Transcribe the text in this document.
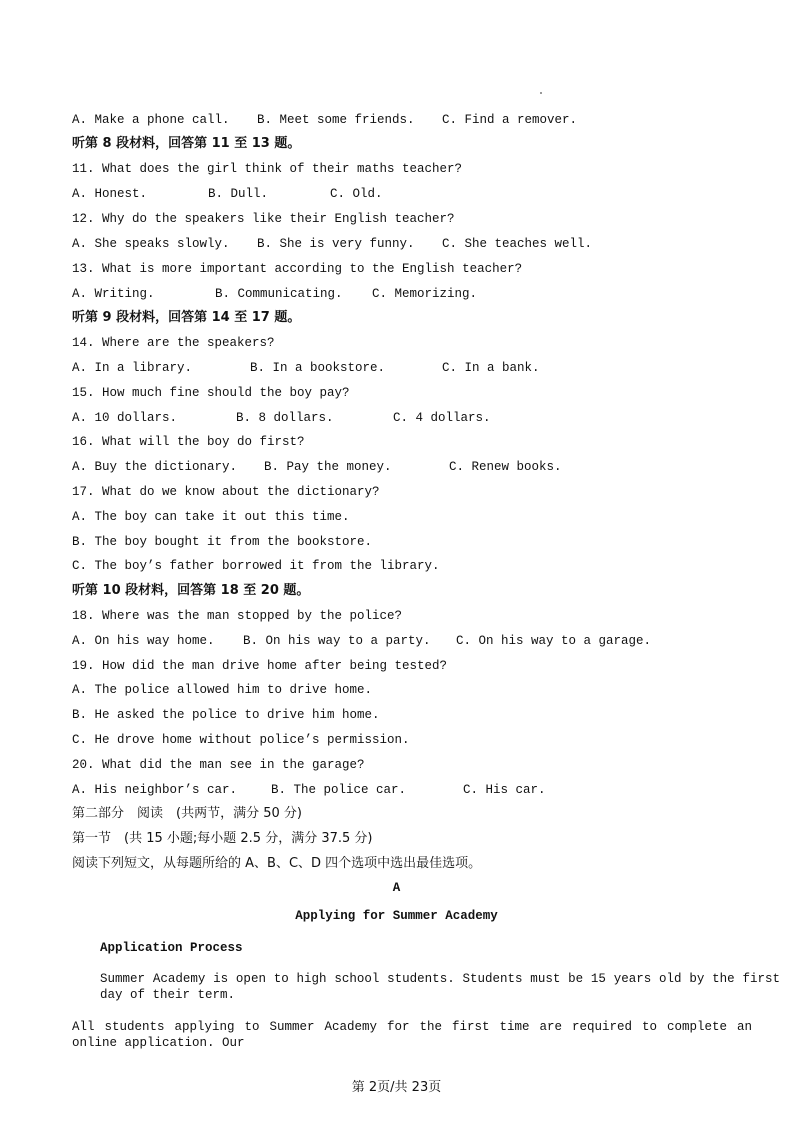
A. Make a phone call. B. Meet some friends. C. Find a remover.
听第 8 段材料，回答第 11 至 13 题。
11. What does the girl think of their maths teacher?
A. Honest.	B. Dull.	C. Old.
12. Why do the speakers like their English teacher?
A. She speaks slowly. B. She is very funny. C. She teaches well.
13. What is more important according to the English teacher?
A. Writing.	B. Communicating. C. Memorizing.
听第 9 段材料，回答第 14 至 17 题。
14. Where are the speakers?
A. In a library.	B. In a bookstore.	C. In a bank.
15. How much fine should the boy pay?
A. 10 dollars.	B. 8 dollars.	C. 4 dollars.
16. What will the boy do first?
A. Buy the dictionary. B. Pay the money.	C. Renew books.
17. What do we know about the dictionary?
A. The boy can take it out this time.
B. The boy bought it from the bookstore.
C. The boy’s father borrowed it from the library.
听第 10 段材料，回答第 18 至 20 题。
18. Where was the man stopped by the police?
A. On his way home. B. On his way to a party. C. On his way to a garage.
19. How did the man drive home after being tested?
A. The police allowed him to drive home.
B. He asked the police to drive him home.
C. He drove home without police’s permission.
20. What did the man see in the garage?
A. His neighbor’s car.	B. The police car.	C. His car.
第二部分　阅读　(共两节，满分 50 分)
第一节　(共 15 小题;每小题 2.5 分，满分 37.5 分)
阅读下列短文，从每题所给的 A、B、C、D 四个选项中选出最佳选项。
A
Applying for Summer Academy
Application Process
Summer Academy is open to high school students. Students must be 15 years old by the first day of their term.
All students applying to Summer Academy for the first time are required to complete an online application. Our
第 2页/共 23页
